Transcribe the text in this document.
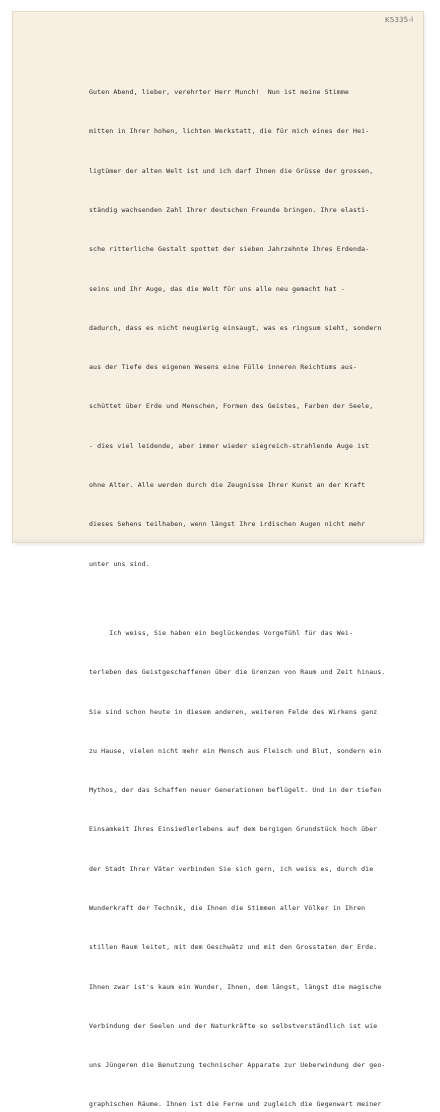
K5335-I

Guten Abend, lieber, verehrter Herr Munch!  Nun ist meine Stimme

mitten in Ihrer hohen, lichten Werkstatt, die für mich eines der Hei-

ligtümer der alten Welt ist und ich darf Ihnen die Grüsse der grossen,

ständig wachsenden Zahl Ihrer deutschen Freunde bringen. Ihre elasti-

sche ritterliche Gestalt spottet der sieben Jahrzehnte Ihres Erdenda-

seins und Ihr Auge, das die Welt für uns alle neu gemacht hat -

dadurch, dass es nicht neugierig einsaugt, was es ringsum sieht, sondern

aus der Tiefe des eigenen Wesens eine Fülle inneren Reichtums aus-

schüttet über Erde und Menschen, Formen des Geistes, Farben der Seele,

- dies viel leidende, aber immer wieder siegreich-strahlende Auge ist

ohne Alter. Alle werden durch die Zeugnisse Ihrer Kunst an der Kraft

dieses Sehens teilhaben, wenn längst Ihre irdischen Augen nicht mehr

unter uns sind.

Ich weiss, Sie haben ein beglückendes Vorgefühl für das Wei-

terleben des Geistgeschaffenen über die Grenzen von Raum und Zeit hinaus.

Sie sind schon heute in diesem anderen, weiteren Felde des Wirkens ganz

zu Hause, vielen nicht mehr ein Mensch aus Fleisch und Blut, sondern ein

Mythos, der das Schaffen neuer Generationen beflügelt. Und in der tiefen

Einsamkeit Ihres Einsiedlerlebens auf dem bergigen Grundstück hoch über

der Stadt Ihrer Väter verbinden Sie sich gern, ich weiss es, durch die

Wunderkraft der Technik, die Ihnen die Stimmen aller Völker in Ihren

stillen Raum leitet, mit dem Geschwätz und mit den Grosstaten der Erde.

Ihnen zwar ist's kaum ein Wunder, Ihnen, dem längst, längst die magische

Verbindung der Seelen und der Naturkräfte so selbstverständlich ist wie

uns Jüngeren die Benutzung technischer Apparate zur Ueberwindung der geo-

graphischen Räume. Ihnen ist die Ferne und zugleich die Gegenwart meiner
